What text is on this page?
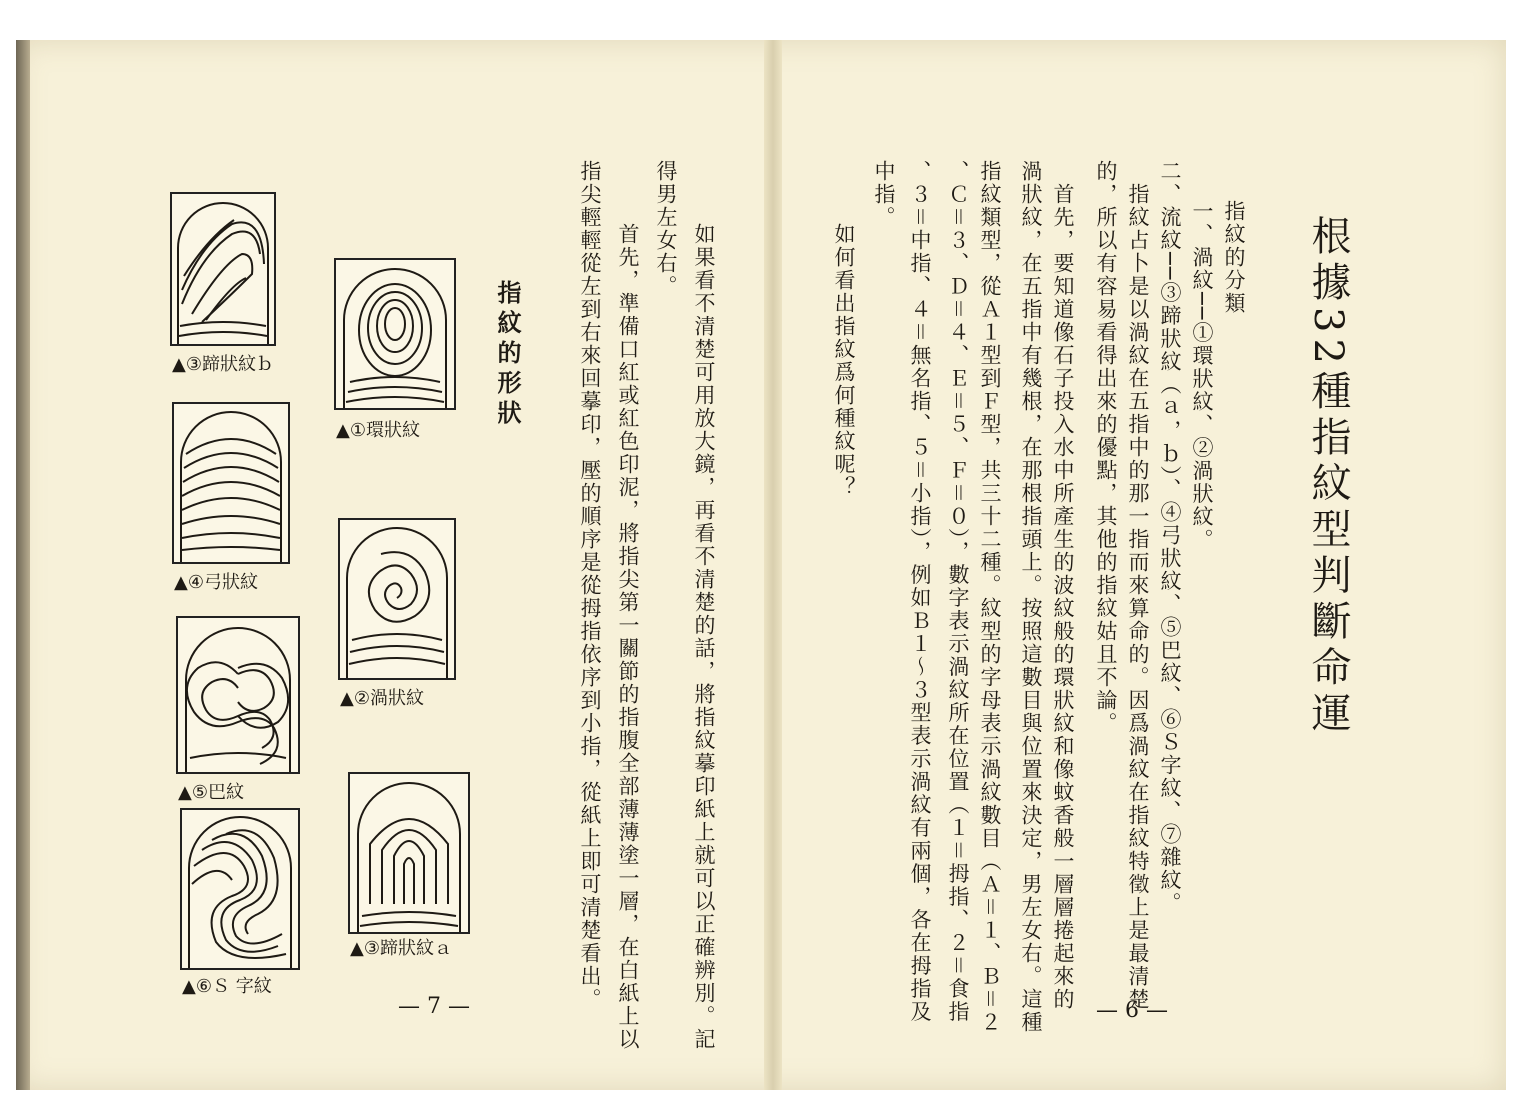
根據32種指紋型判斷命運
指紋的分類
一、渦紋──①環狀紋、②渦狀紋。
二、流紋──③蹄狀紋（ａ，ｂ）、④弓狀紋、⑤巴紋、⑥Ｓ字紋、⑦雜紋。
　指紋占卜是以渦紋在五指中的那一指而來算命的。因爲渦紋在指紋特徵上是最清楚
的，所以有容易看得出來的優點，其他的指紋姑且不論。
　首先，要知道像石子投入水中所產生的波紋般的環狀紋和像蚊香般一層層捲起來的
渦狀紋，在五指中有幾根，在那根指頭上。按照這數目與位置來決定，男左女右。這種
指紋類型，從Ａ１型到Ｆ型，共三十二種。紋型的字母表示渦紋數目（Ａ＝１、Ｂ＝２
、Ｃ＝３、Ｄ＝４、Ｅ＝５、Ｆ＝０），數字表示渦紋所在位置（１＝拇指、２＝食指
、３＝中指、４＝無名指、５＝小指），例如Ｂ１～３型表示渦紋有兩個，各在拇指及
中指。
　如何看出指紋爲何種紋呢？
— 6 —
指紋的形狀	　如果看不清楚可用放大鏡，再看不清楚的話，將指紋摹印紙上就可以正確辨別。記
得男左女右。
　首先，準備口紅或紅色印泥，將指尖第一關節的指腹全部薄薄塗一層，在白紙上以
指尖輕輕從左到右來回摹印，壓的順序是從拇指依序到小指，從紙上即可清楚看出。
— 7 —
▲①環狀紋
▲②渦狀紋
▲③蹄狀紋ａ
▲③蹄狀紋ｂ
▲④弓狀紋
▲⑤巴紋
▲⑥Ｓ 字紋
